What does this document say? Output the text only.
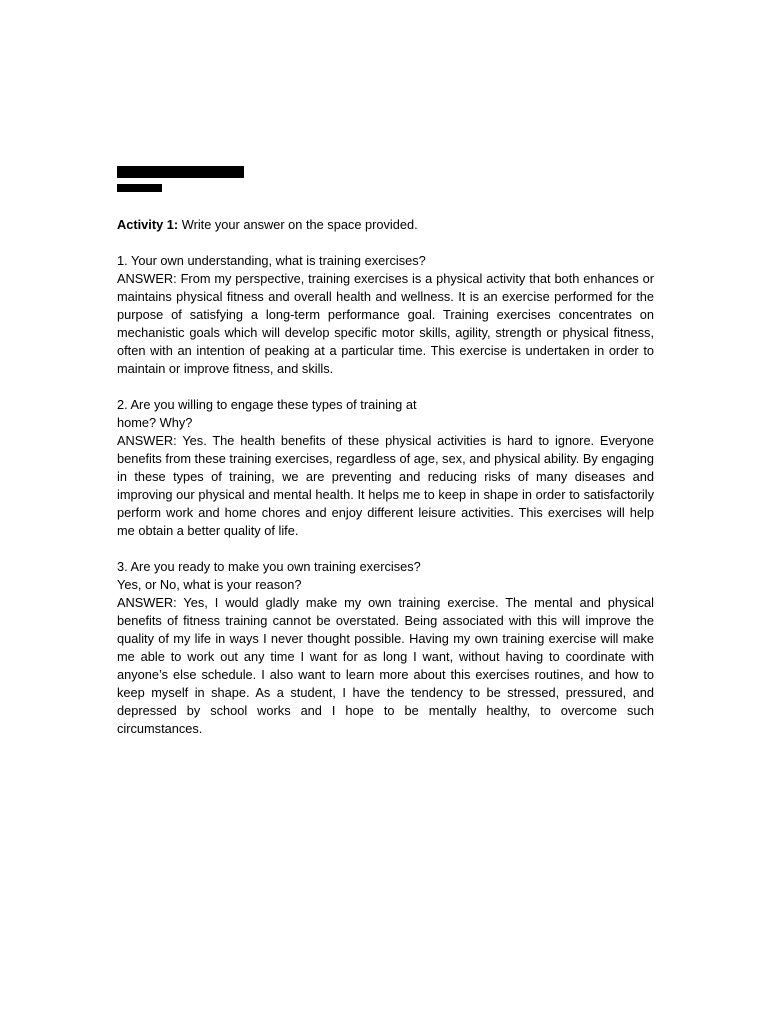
Activity 1: Write your answer on the space provided.
1. Your own understanding, what is training exercises?
ANSWER: From my perspective, training exercises is a physical activity that both enhances or maintains physical fitness and overall health and wellness. It is an exercise performed for the purpose of satisfying a long-term performance goal. Training exercises concentrates on mechanistic goals which will develop specific motor skills, agility, strength or physical fitness, often with an intention of peaking at a particular time. This exercise is undertaken in order to maintain or improve fitness, and skills.
2. Are you willing to engage these types of training at
home? Why?
ANSWER: Yes. The health benefits of these physical activities is hard to ignore. Everyone benefits from these training exercises, regardless of age, sex, and physical ability. By engaging in these types of training, we are preventing and reducing risks of many diseases and improving our physical and mental health. It helps me to keep in shape in order to satisfactorily perform work and home chores and enjoy different leisure activities. This exercises will help me obtain a better quality of life.
3. Are you ready to make you own training exercises?
Yes, or No, what is your reason?
ANSWER: Yes, I would gladly make my own training exercise. The mental and physical benefits of fitness training cannot be overstated. Being associated with this will improve the quality of my life in ways I never thought possible. Having my own training exercise will make me able to work out any time I want for as long I want, without having to coordinate with anyone’s else schedule. I also want to learn more about this exercises routines, and how to keep myself in shape. As a student, I have the tendency to be stressed, pressured, and depressed by school works and I hope to be mentally healthy, to overcome such circumstances.
